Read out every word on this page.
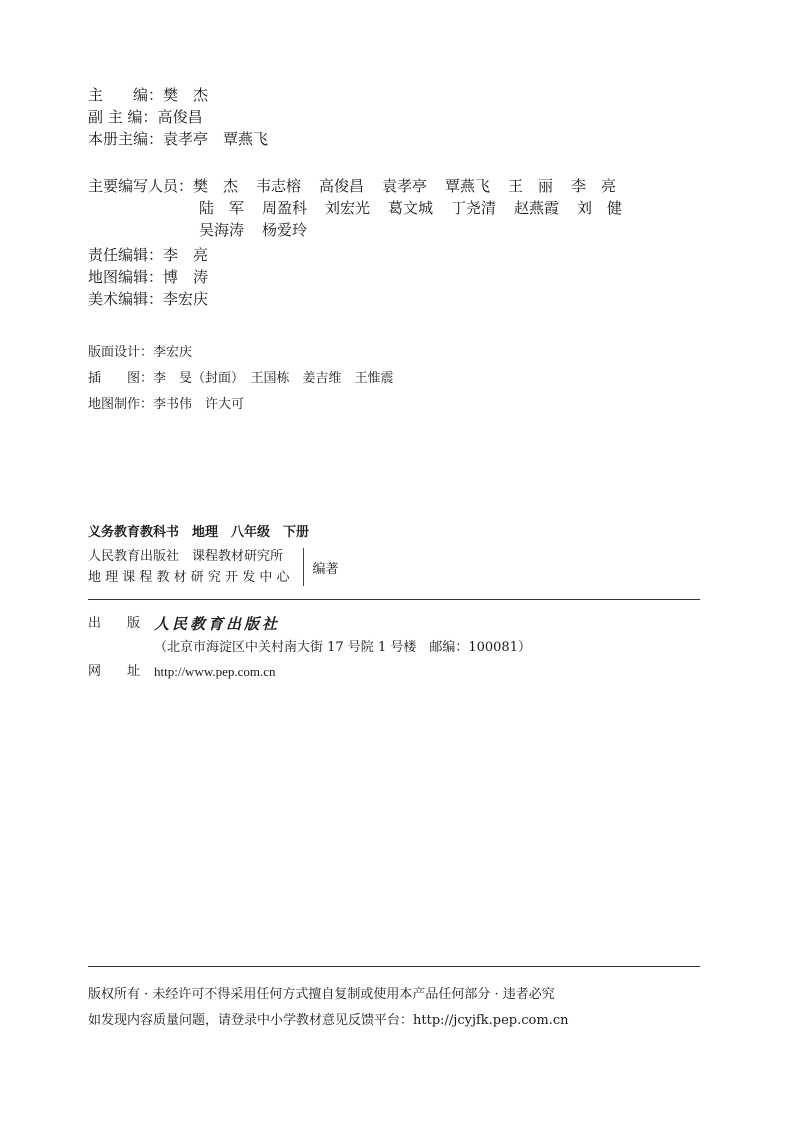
主　　编 ： 樊　杰
副 主 编 ： 高俊昌
本册主编 ： 袁孝亭　覃燕飞
主要编写人员 ： 樊　杰	韦志榕	高俊昌	袁孝亭	覃燕飞	王　丽	李　亮
陆　军	周盈科	刘宏光	葛文城	丁尧清	赵燕霞	刘　健
吴海涛	杨爱玲
责任编辑 ： 李　亮
地图编辑 ： 博　涛
美术编辑 ： 李宏庆
版面设计 ： 李宏庆
插　　图 ： 李　旻（封面）　王国栋　姜吉维　王惟震
地图制作 ： 李书伟　许大可
义务教育教科书　地理　八年级　下册
人民教育出版社　课程教材研究所
地 理 课 程 教 材 研 究 开 发 中 心
编著
出　　版 人民教育出版社
（北京市海淀区中关村南大街 17 号院 1 号楼　邮编：100081）
网　　址	http://www.pep.com.cn
版权所有 · 未经许可不得采用任何方式擅自复制或使用本产品任何部分 · 违者必究
如发现内容质量问题，请登录中小学教材意见反馈平台：http://jcyjfk.pep.com.cn
